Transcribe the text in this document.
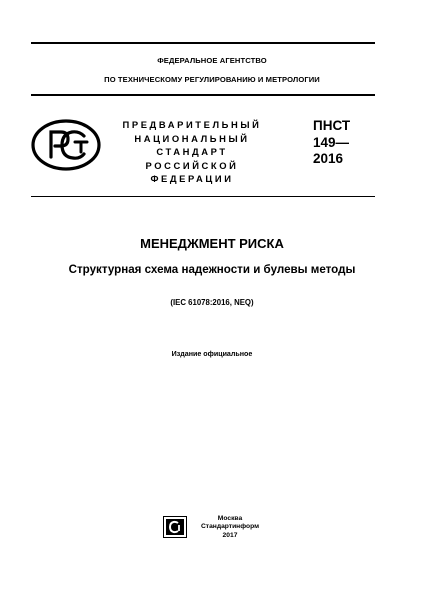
ФЕДЕРАЛЬНОЕ АГЕНТСТВО
ПО ТЕХНИЧЕСКОМУ РЕГУЛИРОВАНИЮ И МЕТРОЛОГИИ
ПРЕДВАРИТЕЛЬНЫЙ
НАЦИОНАЛЬНЫЙ
СТАНДАРТ
РОССИЙСКОЙ
ФЕДЕРАЦИИ
ПНСТ
149—
2016
МЕНЕДЖМЕНТ РИСКА
Структурная схема надежности и булевы методы
(IEC 61078:2016, NEQ)
Издание официальное
Москва
Стандартинформ
2017
